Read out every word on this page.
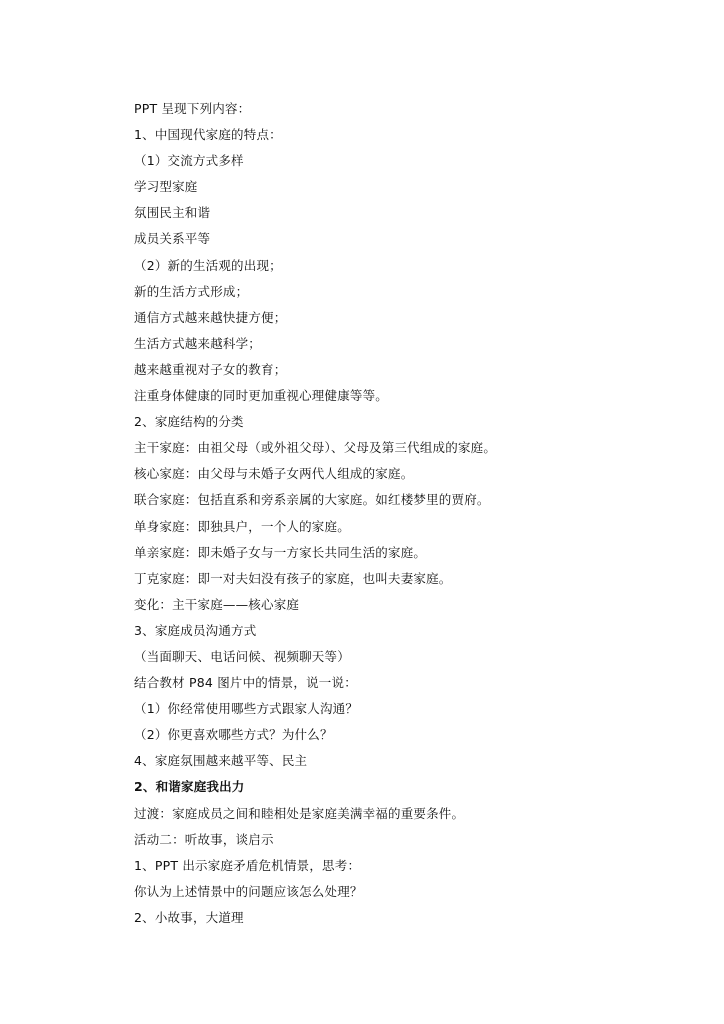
PPT 呈现下列内容：
1、中国现代家庭的特点：
（1）交流方式多样
学习型家庭
氛围民主和谐
成员关系平等
（2）新的生活观的出现；
新的生活方式形成；
通信方式越来越快捷方便；
生活方式越来越科学；
越来越重视对子女的教育；
注重身体健康的同时更加重视心理健康等等。
2、家庭结构的分类
主干家庭：由祖父母（或外祖父母）、父母及第三代组成的家庭。
核心家庭：由父母与未婚子女两代人组成的家庭。
联合家庭：包括直系和旁系亲属的大家庭。如红楼梦里的贾府。
单身家庭：即独具户，一个人的家庭。
单亲家庭：即未婚子女与一方家长共同生活的家庭。
丁克家庭：即一对夫妇没有孩子的家庭，也叫夫妻家庭。
变化：主干家庭——核心家庭
3、家庭成员沟通方式
（当面聊天、电话问候、视频聊天等）
结合教材 P84 图片中的情景，说一说：
（1）你经常使用哪些方式跟家人沟通？
（2）你更喜欢哪些方式？为什么？
4、家庭氛围越来越平等、民主
2、和谐家庭我出力
过渡：家庭成员之间和睦相处是家庭美满幸福的重要条件。
活动二：听故事，谈启示
1、PPT 出示家庭矛盾危机情景，思考：
你认为上述情景中的问题应该怎么处理？
2、小故事，大道理
